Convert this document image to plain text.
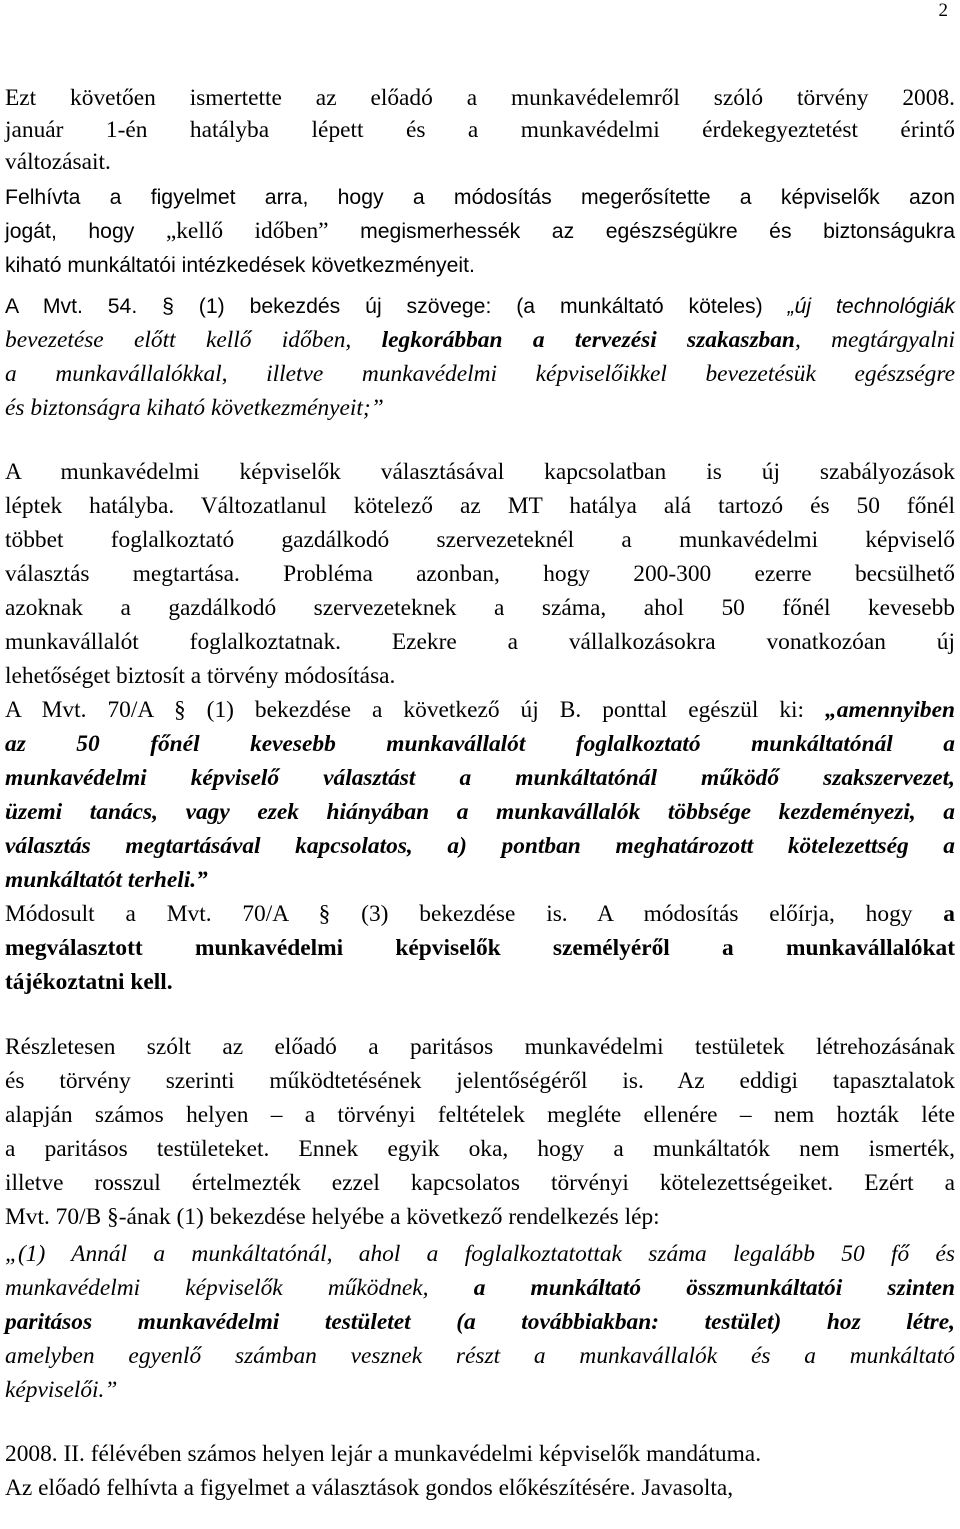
2
Ezt követően ismertette az előadó a munkavédelemről szóló törvény 2008.
január 1-én hatályba lépett és a munkavédelmi érdekegyeztetést érintő
változásait.
Felhívta a figyelmet arra, hogy a módosítás megerősítette a képviselők azon
jogát, hogy „kellő időben” megismerhessék az egészségükre és biztonságukra
kiható munkáltatói intézkedések következményeit.
A Mvt. 54. § (1) bekezdés új szövege: (a munkáltató köteles) „új technológiák
bevezetése előtt kellő időben, legkorábban a tervezési szakaszban, megtárgyalni
a munkavállalókkal, illetve munkavédelmi képviselőikkel bevezetésük egészségre
és biztonságra kiható következményeit;”
A munkavédelmi képviselők választásával kapcsolatban is új szabályozások
léptek hatályba. Változatlanul kötelező az MT hatálya alá tartozó és 50 főnél
többet foglalkoztató gazdálkodó szervezeteknél a munkavédelmi képviselő
választás megtartása. Probléma azonban, hogy 200-300 ezerre becsülhető
azoknak a gazdálkodó szervezeteknek a száma, ahol 50 főnél kevesebb
munkavállalót foglalkoztatnak. Ezekre a vállalkozásokra vonatkozóan új
lehetőséget biztosít a törvény módosítása.
A Mvt. 70/A § (1) bekezdése a következő új B. ponttal egészül ki: „amennyiben
az 50 főnél kevesebb munkavállalót foglalkoztató munkáltatónál a
munkavédelmi képviselő választást a munkáltatónál működő szakszervezet,
üzemi tanács, vagy ezek hiányában a munkavállalók többsége kezdeményezi, a
választás megtartásával kapcsolatos, a) pontban meghatározott kötelezettség a
munkáltatót terheli.”
Módosult a Mvt. 70/A § (3) bekezdése is. A módosítás előírja, hogy a
megválasztott munkavédelmi képviselők személyéről a munkavállalókat
tájékoztatni kell.
Részletesen szólt az előadó a paritásos munkavédelmi testületek létrehozásának
és törvény szerinti működtetésének jelentőségéről is. Az eddigi tapasztalatok
alapján számos helyen – a törvényi feltételek megléte ellenére – nem hozták léte
a paritásos testületeket. Ennek egyik oka, hogy a munkáltatók nem ismerték,
illetve rosszul értelmezték ezzel kapcsolatos törvényi kötelezettségeiket. Ezért a
Mvt. 70/B §-ának (1) bekezdése helyébe a következő rendelkezés lép:
„(1) Annál a munkáltatónál, ahol a foglalkoztatottak száma legalább 50 fő és
munkavédelmi képviselők működnek, a munkáltató összmunkáltatói szinten
paritásos munkavédelmi testületet (a továbbiakban: testület) hoz létre,
amelyben egyenlő számban vesznek részt a munkavállalók és a munkáltató
képviselői.”
2008. II. félévében számos helyen lejár a munkavédelmi képviselők mandátuma.
Az előadó felhívta a figyelmet a választások gondos előkészítésére. Javasolta,
